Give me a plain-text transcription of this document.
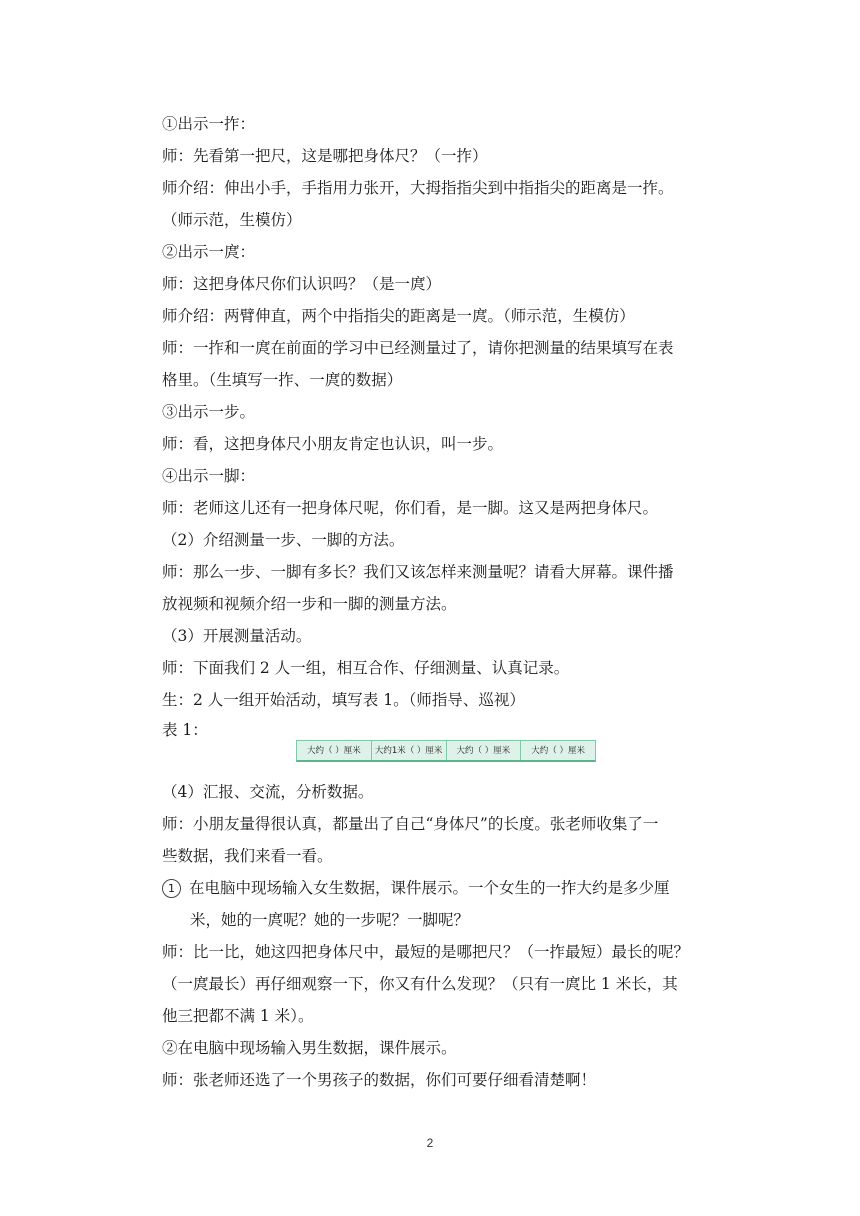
①出示一拃：
师：先看第一把尺，这是哪把身体尺？（一拃）
师介绍：伸出小手，手指用力张开，大拇指指尖到中指指尖的距离是一拃。
（师示范，生模仿）
②出示一庹：
师：这把身体尺你们认识吗？（是一庹）
师介绍：两臂伸直，两个中指指尖的距离是一庹。（师示范，生模仿）
师：一拃和一庹在前面的学习中已经测量过了，请你把测量的结果填写在表
格里。（生填写一拃、一庹的数据）
③出示一步。
师：看，这把身体尺小朋友肯定也认识，叫一步。
④出示一脚：
师：老师这儿还有一把身体尺呢，你们看，是一脚。这又是两把身体尺。
（2）介绍测量一步、一脚的方法。
师：那么一步、一脚有多长？我们又该怎样来测量呢？请看大屏幕。课件播
放视频和视频介绍一步和一脚的测量方法。
（3）开展测量活动。
师：下面我们 2 人一组，相互合作、仔细测量、认真记录。
生：2 人一组开始活动，填写表 1。（师指导、巡视）
表 1：
大约（ ）厘米	大约1米（ ）厘米	大约（ ）厘米	大约（ ）厘米
（4）汇报、交流，分析数据。
师：小朋友量得很认真，都量出了自己“身体尺”的长度。张老师收集了一
些数据，我们来看一看。
1 在电脑中现场输入女生数据，课件展示。一个女生的一拃大约是多少厘
米，她的一庹呢？她的一步呢？一脚呢？
师：比一比，她这四把身体尺中，最短的是哪把尺？（一拃最短）最长的呢？
（一庹最长）再仔细观察一下，你又有什么发现？（只有一庹比 1 米长，其
他三把都不满 1 米）。
②在电脑中现场输入男生数据，课件展示。
师：张老师还选了一个男孩子的数据，你们可要仔细看清楚啊！
2
